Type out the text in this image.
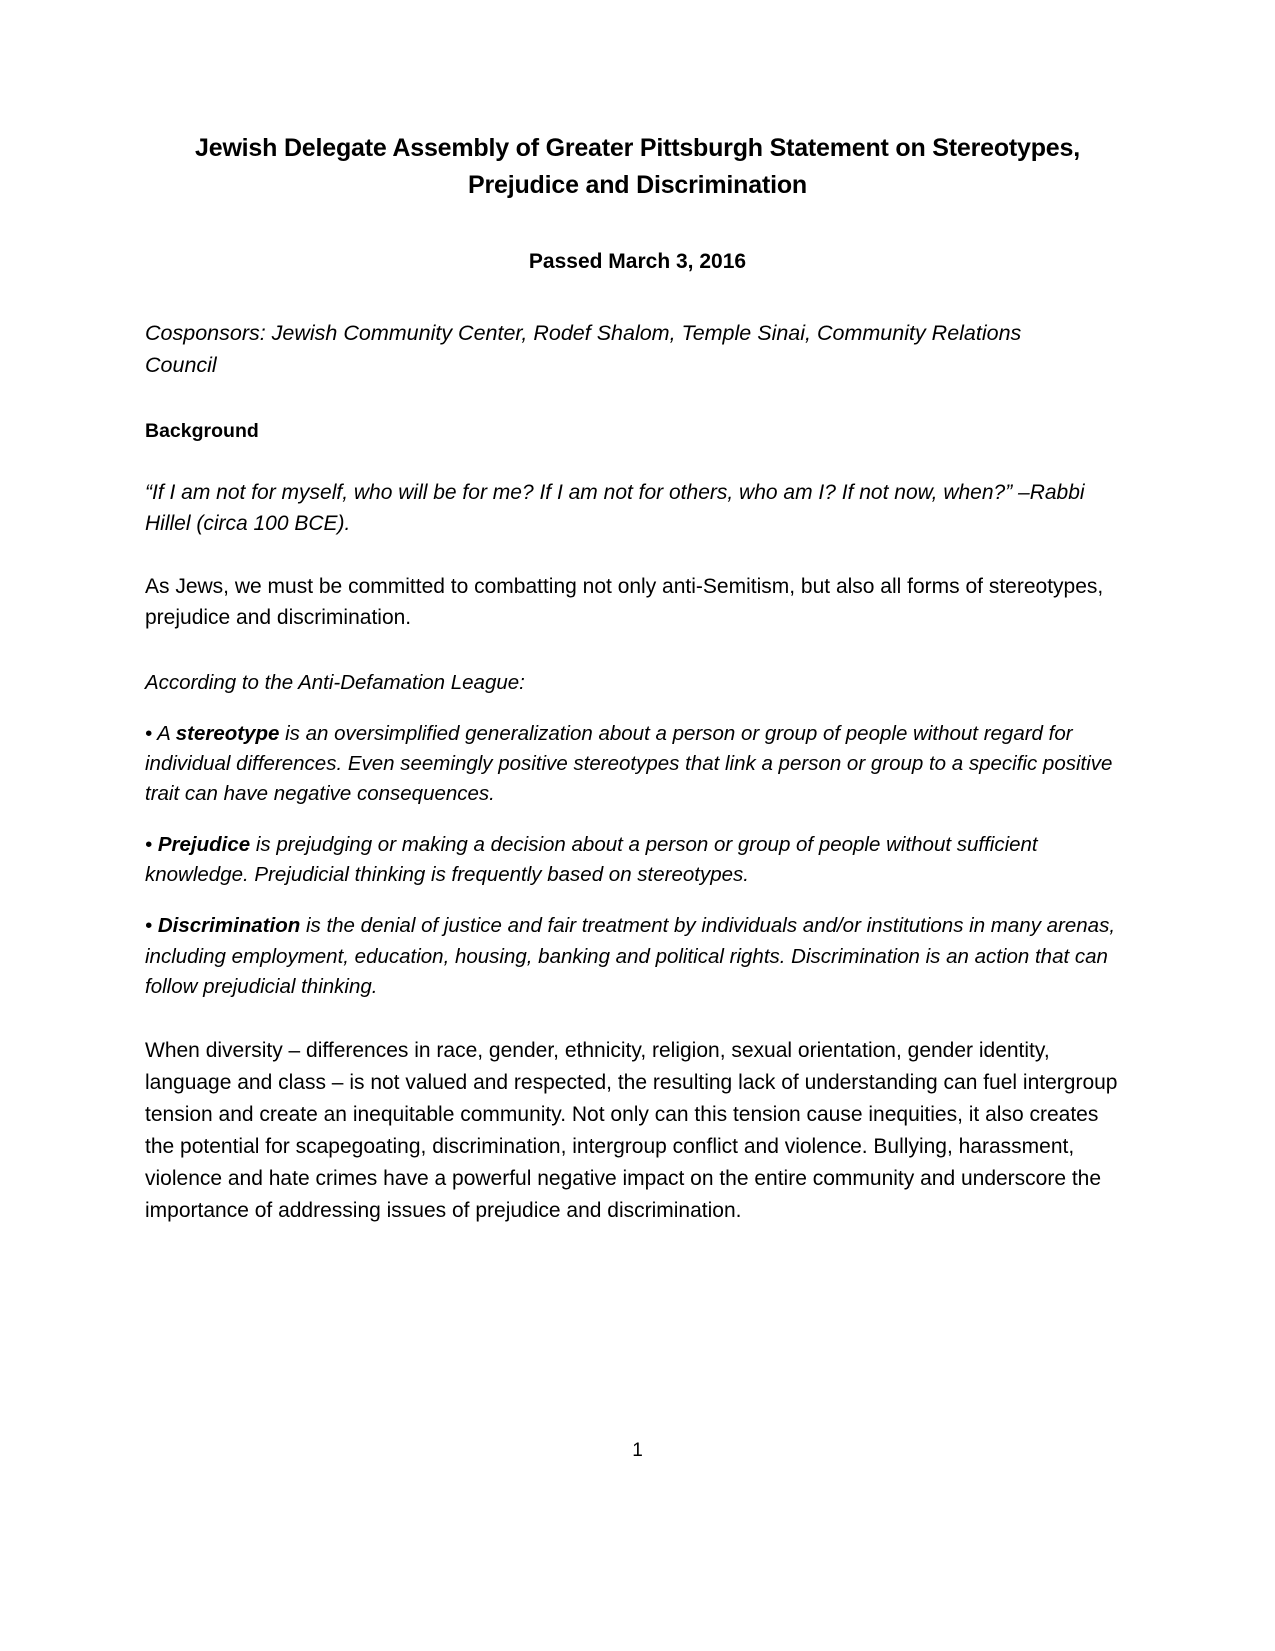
Jewish Delegate Assembly of Greater Pittsburgh Statement on Stereotypes, Prejudice and Discrimination

Passed March 3, 2016

Cosponsors: Jewish Community Center, Rodef Shalom, Temple Sinai, Community Relations Council

Background

“If I am not for myself, who will be for me? If I am not for others, who am I? If not now, when?” –Rabbi Hillel (circa 100 BCE).

As Jews, we must be committed to combatting not only anti-Semitism, but also all forms of stereotypes, prejudice and discrimination.

According to the Anti-Defamation League:

• A stereotype is an oversimplified generalization about a person or group of people without regard for individual differences. Even seemingly positive stereotypes that link a person or group to a specific positive trait can have negative consequences.

• Prejudice is prejudging or making a decision about a person or group of people without sufficient knowledge. Prejudicial thinking is frequently based on stereotypes.

• Discrimination is the denial of justice and fair treatment by individuals and/or institutions in many arenas, including employment, education, housing, banking and political rights. Discrimination is an action that can follow prejudicial thinking.

When diversity – differences in race, gender, ethnicity, religion, sexual orientation, gender identity, language and class – is not valued and respected, the resulting lack of understanding can fuel intergroup tension and create an inequitable community. Not only can this tension cause inequities, it also creates the potential for scapegoating, discrimination, intergroup conflict and violence. Bullying, harassment, violence and hate crimes have a powerful negative impact on the entire community and underscore the importance of addressing issues of prejudice and discrimination.

1
